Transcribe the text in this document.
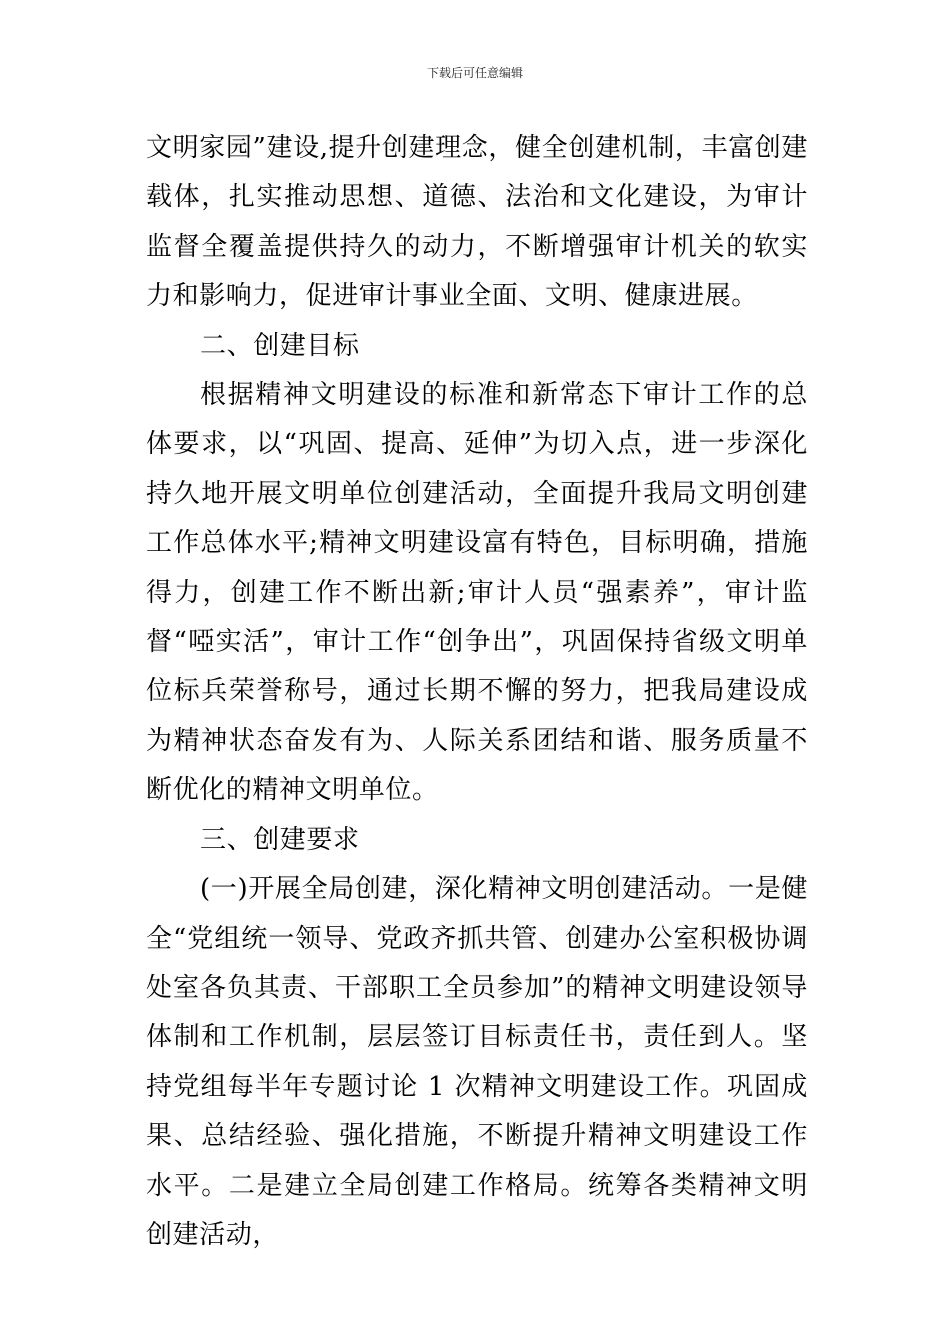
下载后可任意编辑

文明家园”建设,提升创建理念，健全创建机制，丰富创建载体，扎实推动思想、道德、法治和文化建设，为审计监督全覆盖提供持久的动力，不断增强审计机关的软实力和影响力，促进审计事业全面、文明、健康进展。

二、创建目标

根据精神文明建设的标准和新常态下审计工作的总体要求，以“巩固、提高、延伸”为切入点，进一步深化持久地开展文明单位创建活动，全面提升我局文明创建工作总体水平;精神文明建设富有特色，目标明确，措施得力，创建工作不断出新;审计人员“强素养”，审计监督“啞实活”，审计工作“创争出”，巩固保持省级文明单位标兵荣誉称号，通过长期不懈的努力，把我局建设成为精神状态奋发有为、人际关系团结和谐、服务质量不断优化的精神文明单位。

三、创建要求

(一)开展全局创建，深化精神文明创建活动。一是健全“党组统一领导、党政齐抓共管、创建办公室积极协调处室各负其责、干部职工全员参加”的精神文明建设领导体制和工作机制，层层签订目标责任书，责任到人。坚持党组每半年专题讨论 1 次精神文明建设工作。巩固成果、总结经验、强化措施，不断提升精神文明建设工作水平。二是建立全局创建工作格局。统筹各类精神文明创建活动，
